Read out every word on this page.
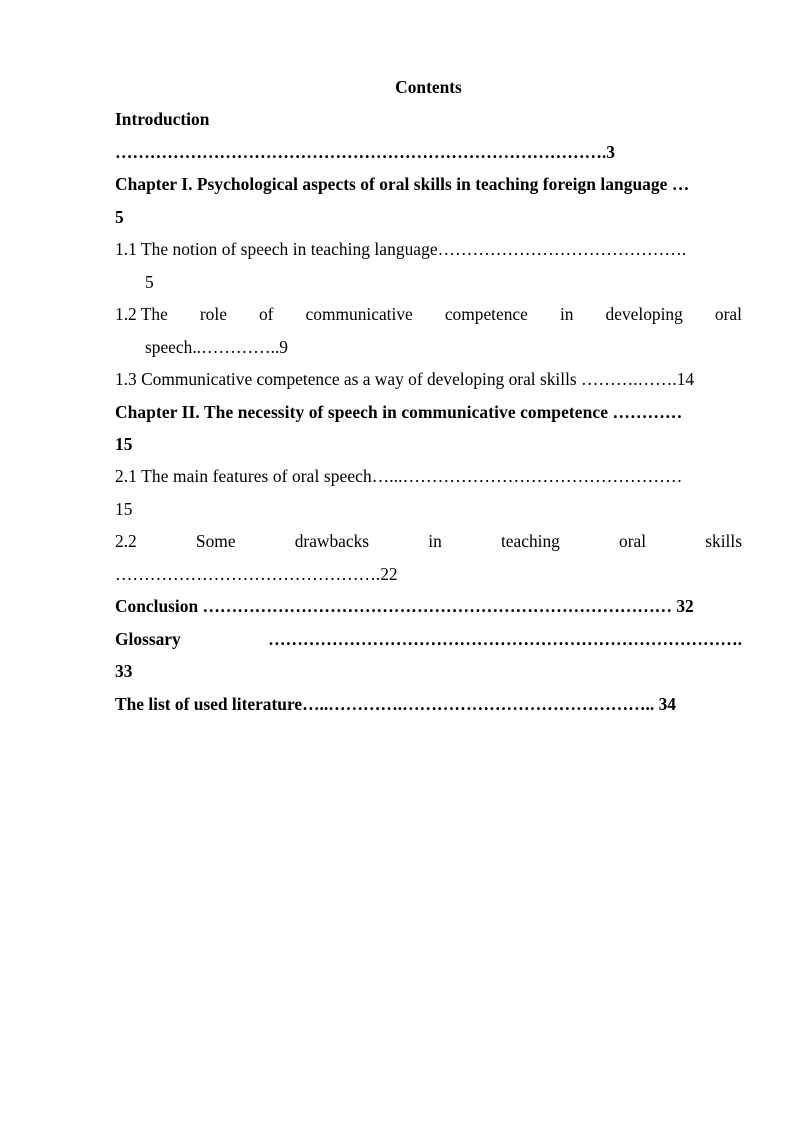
Contents
Introduction
………………………………………………………………………….3
Chapter I. Psychological aspects of oral skills in teaching foreign language …
5
1.1 The notion of speech in teaching language…………………………………….
5
1.2 The role of communicative competence in developing oral
speech..…………..9
1.3 Communicative competence as a way of developing oral skills ……….…….14
Chapter II. The necessity of speech in communicative competence …………
15
2.1 The main features of oral speech…...…………………………………………
15
2.2	Some	drawbacks	in	teaching	oral	skills
……………………………………….22
Conclusion ……………………………………………………………………… 32
Glossary	……………………………………………………………………….
33
The list of used literature…..………….…………………………………….. 34
